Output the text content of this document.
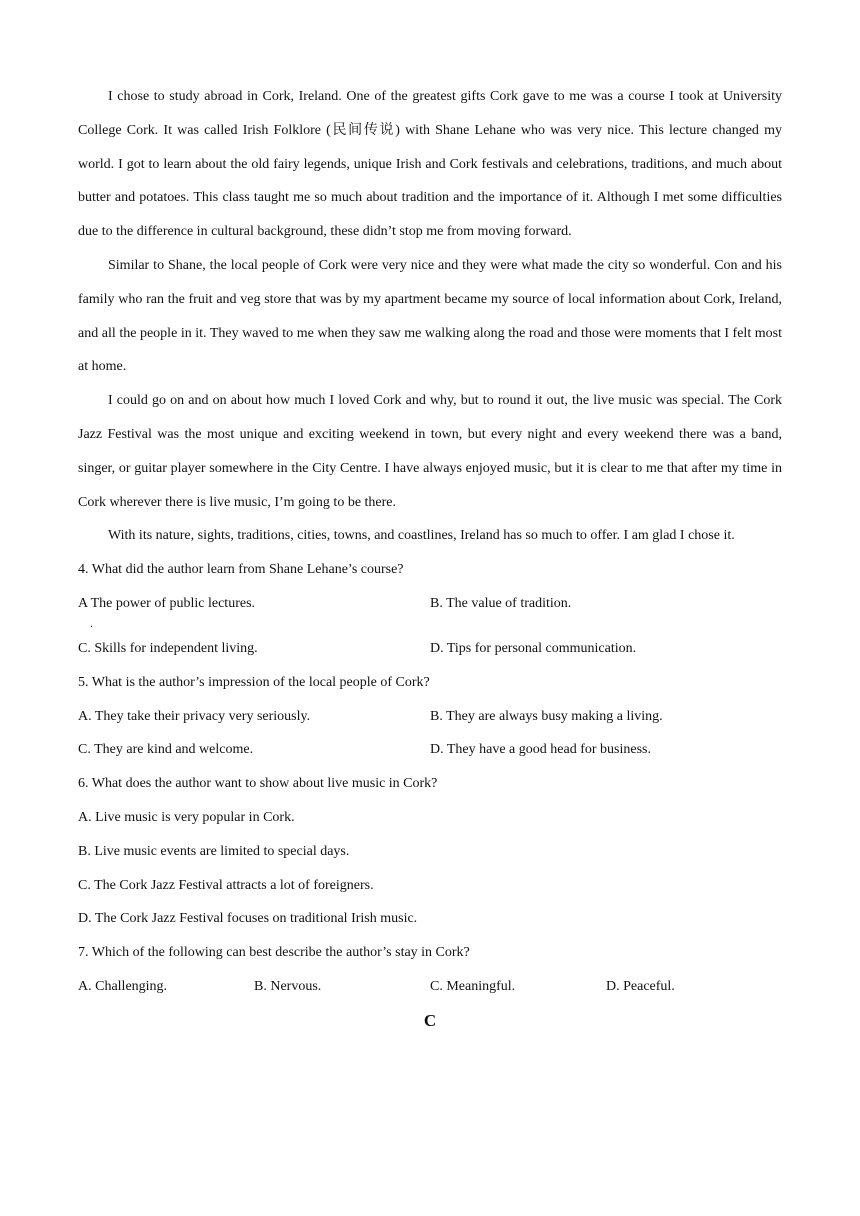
I chose to study abroad in Cork, Ireland. One of the greatest gifts Cork gave to me was a course I took at University College Cork. It was called Irish Folklore (民间传说) with Shane Lehane who was very nice. This lecture changed my world. I got to learn about the old fairy legends, unique Irish and Cork festivals and celebrations, traditions, and much about butter and potatoes. This class taught me so much about tradition and the importance of it. Although I met some difficulties due to the difference in cultural background, these didn’t stop me from moving forward.

Similar to Shane, the local people of Cork were very nice and they were what made the city so wonderful. Con and his family who ran the fruit and veg store that was by my apartment became my source of local information about Cork, Ireland, and all the people in it. They waved to me when they saw me walking along the road and those were moments that I felt most at home.

I could go on and on about how much I loved Cork and why, but to round it out, the live music was special. The Cork Jazz Festival was the most unique and exciting weekend in town, but every night and every weekend there was a band, singer, or guitar player somewhere in the City Centre. I have always enjoyed music, but it is clear to me that after my time in Cork wherever there is live music, I’m going to be there.

With its nature, sights, traditions, cities, towns, and coastlines, Ireland has so much to offer. I am glad I chose it.

4. What did the author learn from Shane Lehane’s course?

A The power of public lectures.
.
B. The value of tradition.
C. Skills for independent living.	D. Tips for personal communication.

5. What is the author’s impression of the local people of Cork?

A. They take their privacy very seriously.	B. They are always busy making a living.
C. They are kind and welcome.	D. They have a good head for business.

6. What does the author want to show about live music in Cork?

A. Live music is very popular in Cork.

B. Live music events are limited to special days.

C. The Cork Jazz Festival attracts a lot of foreigners.

D. The Cork Jazz Festival focuses on traditional Irish music.

7. Which of the following can best describe the author’s stay in Cork?

A. Challenging.	B. Nervous.	C. Meaningful.	D. Peaceful.

C
